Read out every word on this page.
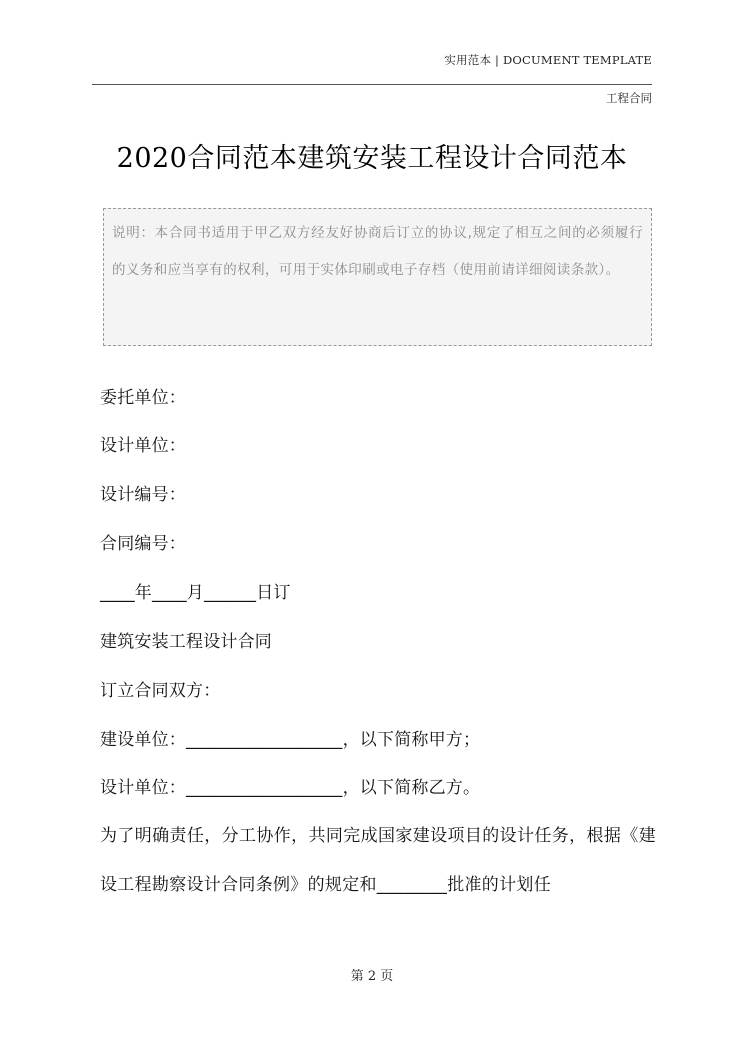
实用范本 | DOCUMENT TEMPLATE
工程合同
2020合同范本建筑安装工程设计合同范本
说明：本合同书适用于甲乙双方经友好协商后订立的协议,规定了相互之间的必须履行的义务和应当享有的权利，可用于实体印刷或电子存档（使用前请详细阅读条款）。
委托单位：
设计单位：
设计编号：
合同编号：
____年____月______日订
建筑安装工程设计合同
订立合同双方：
建设单位：__________________，以下简称甲方；
设计单位：__________________，以下简称乙方。
为了明确责任，分工协作，共同完成国家建设项目的设计任务，根据《建设工程勘察设计合同条例》的规定和________批准的计划任
第 2 页
